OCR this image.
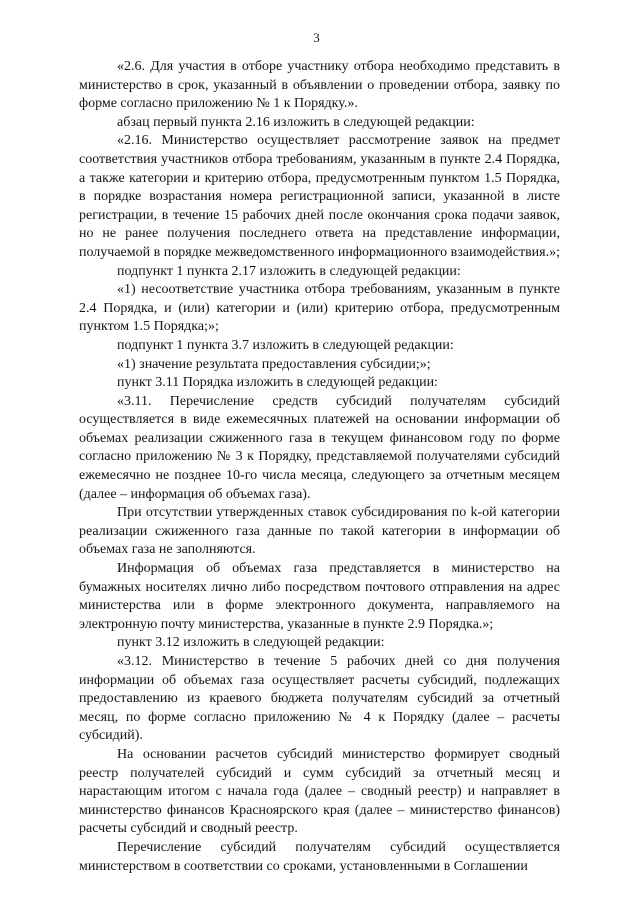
3

«2.6. Для участия в отборе участнику отбора необходимо представить в министерство в срок, указанный в объявлении о проведении отбора, заявку по форме согласно приложению № 1 к Порядку.».

абзац первый пункта 2.16 изложить в следующей редакции:

«2.16. Министерство осуществляет рассмотрение заявок на предмет соответствия участников отбора требованиям, указанным в пункте 2.4 Порядка, а также категории и критерию отбора, предусмотренным пунктом 1.5 Порядка, в порядке возрастания номера регистрационной записи, указанной в листе регистрации, в течение 15 рабочих дней после окончания срока подачи заявок, но не ранее получения последнего ответа на представление информации, получаемой в порядке межведомственного информационного взаимодействия.»;

подпункт 1 пункта 2.17 изложить в следующей редакции:

«1) несоответствие участника отбора требованиям, указанным в пункте 2.4 Порядка, и (или) категории и (или) критерию отбора, предусмотренным пунктом 1.5 Порядка;»;

подпункт 1 пункта 3.7 изложить в следующей редакции:

«1) значение результата предоставления субсидии;»;

пункт 3.11 Порядка изложить в следующей редакции:

«3.11. Перечисление средств субсидий получателям субсидий осуществляется в виде ежемесячных платежей на основании информации об объемах реализации сжиженного газа в текущем финансовом году по форме согласно приложению № 3 к Порядку, представляемой получателями субсидий ежемесячно не позднее 10-го числа месяца, следующего за отчетным месяцем (далее – информация об объемах газа).

При отсутствии утвержденных ставок субсидирования по k-ой категории реализации сжиженного газа данные по такой категории в информации об объемах газа не заполняются.

Информация об объемах газа представляется в министерство на бумажных носителях лично либо посредством почтового отправления на адрес министерства или в форме электронного документа, направляемого на электронную почту министерства, указанные в пункте 2.9 Порядка.»;

пункт 3.12 изложить в следующей редакции:

«3.12. Министерство в течение 5 рабочих дней со дня получения информации об объемах газа осуществляет расчеты субсидий, подлежащих предоставлению из краевого бюджета получателям субсидий за отчетный месяц, по форме согласно приложению № 4 к Порядку (далее – расчеты субсидий).

На основании расчетов субсидий министерство формирует сводный реестр получателей субсидий и сумм субсидий за отчетный месяц и нарастающим итогом с начала года (далее – сводный реестр) и направляет в министерство финансов Красноярского края (далее – министерство финансов) расчеты субсидий и сводный реестр.

Перечисление субсидий получателям субсидий осуществляется министерством в соответствии со сроками, установленными в Соглашении
